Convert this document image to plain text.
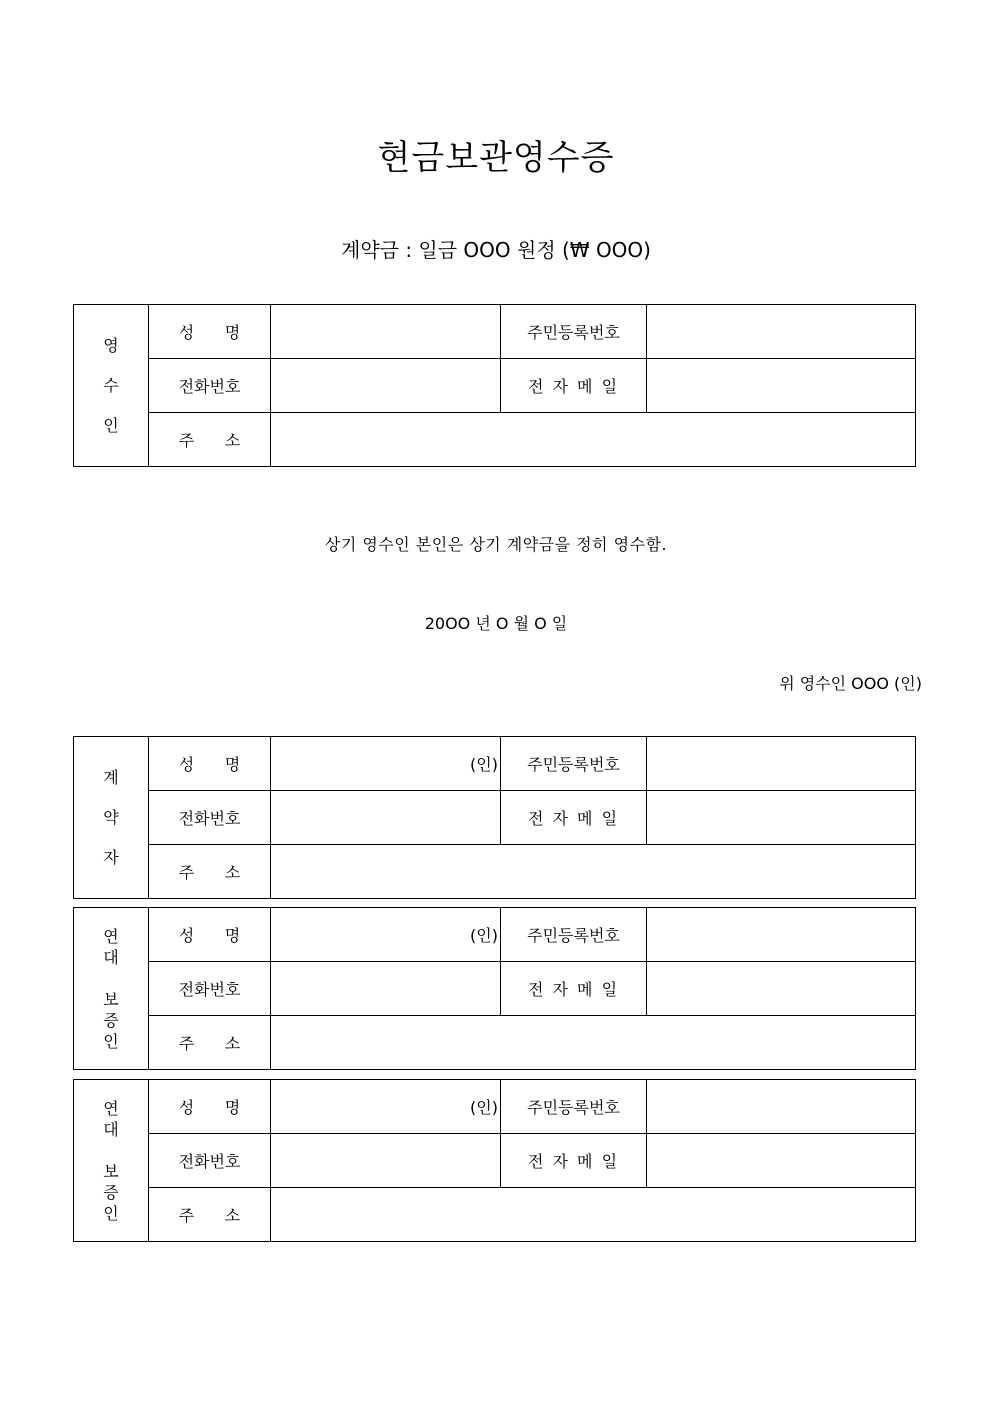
현금보관영수증
계약금 : 일금 OOO 원정 (₩ OOO)
영
수
인	성      명		주민등록번호	
	전화번호		전 자 메 일	
	주      소			
상기 영수인 본인은 상기 계약금을 정히 영수함.
20OO 년 O 월 O 일
위 영수인 OOO (인)
계
약
자	성      명	(인)	주민등록번호	
	전화번호		전 자 메 일	
	주      소			
연
대

보
증
인	성      명	(인)	주민등록번호	
	전화번호		전 자 메 일	
	주      소			
연
대

보
증
인	성      명	(인)	주민등록번호	
	전화번호		전 자 메 일	
	주      소			
